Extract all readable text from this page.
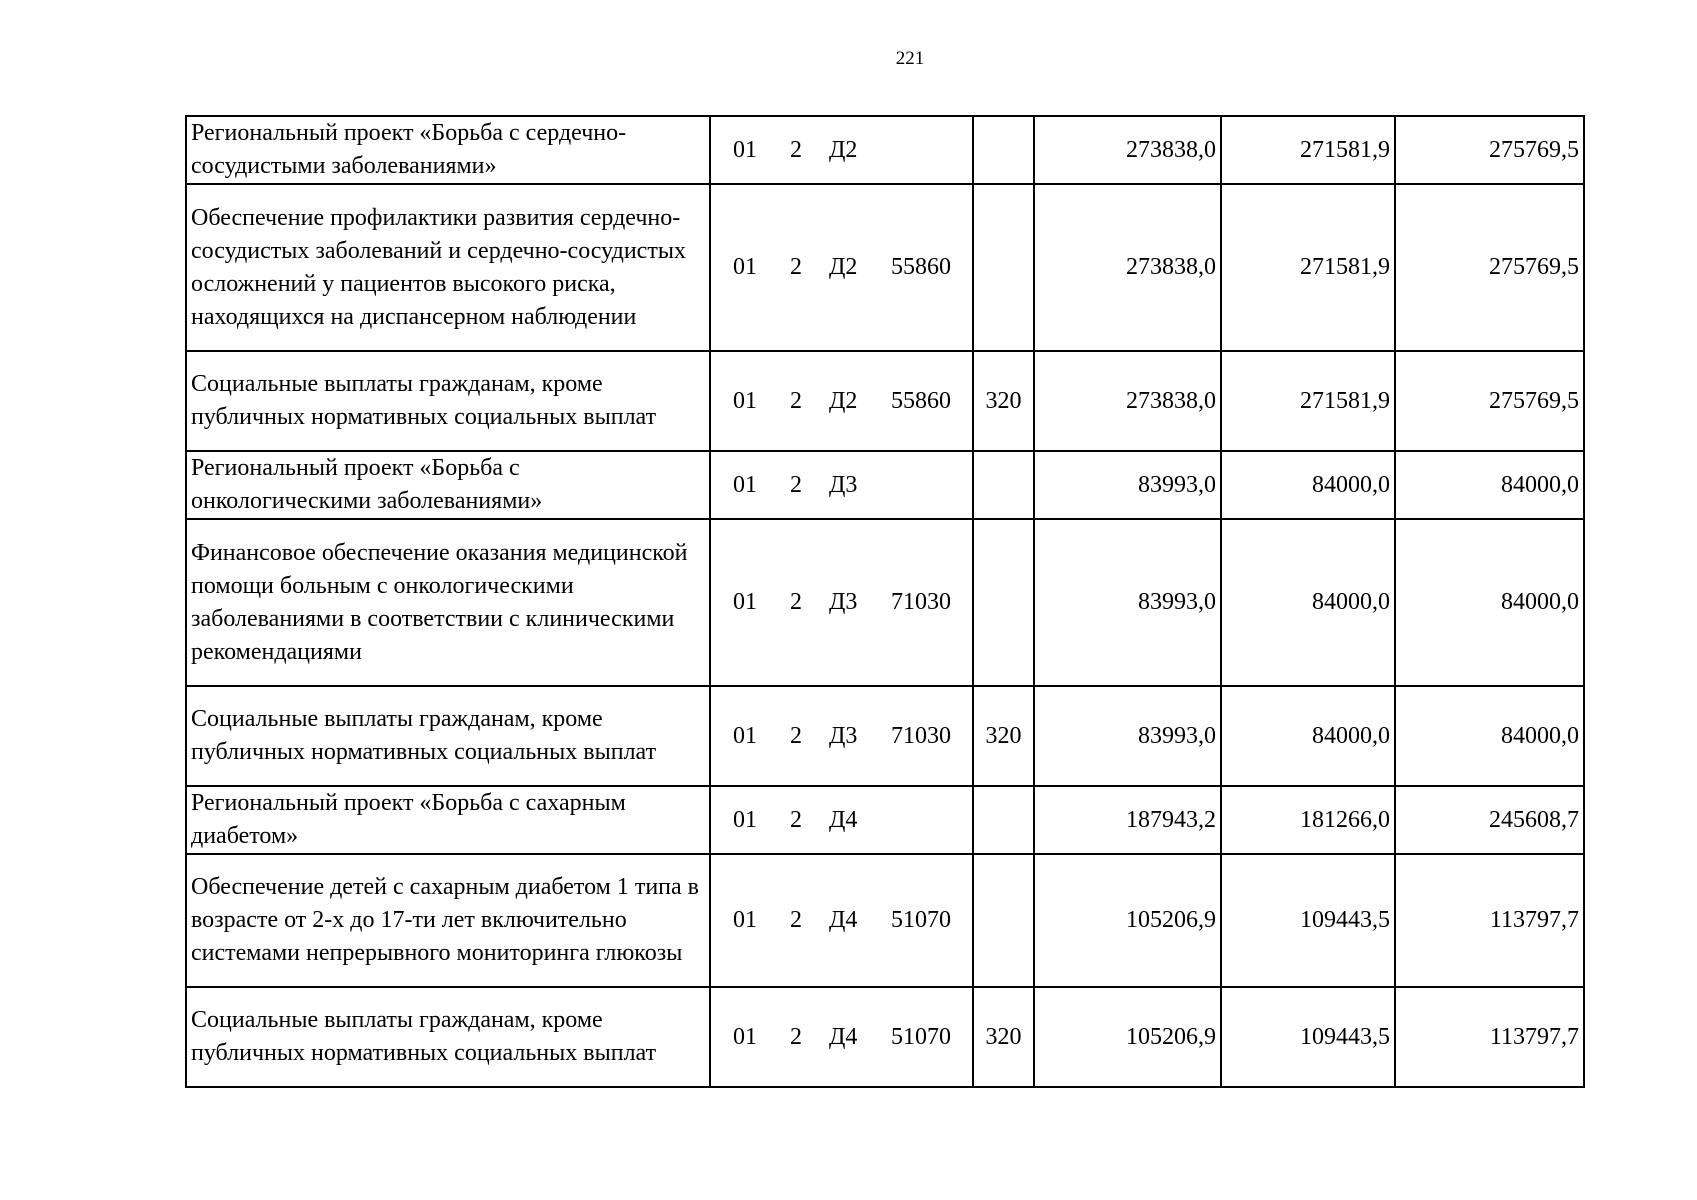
221
Региональный проект «Борьба с сердечно-сосудистыми заболеваниями»	01 2 Д2		273838,0	271581,9	275769,5
Обеспечение профилактики развития сердечно-сосудистых заболеваний и сердечно-сосудистых осложнений у пациентов высокого риска, находящихся на диспансерном наблюдении	01 2 Д2 55860		273838,0	271581,9	275769,5
Социальные выплаты гражданам, кроме публичных нормативных социальных выплат	01 2 Д2 55860	320	273838,0	271581,9	275769,5
Региональный проект «Борьба с онкологическими заболеваниями»	01 2 Д3		83993,0	84000,0	84000,0
Финансовое обеспечение оказания медицинской помощи больным с онкологическими заболеваниями в соответствии с клиническими рекомендациями	01 2 Д3 71030		83993,0	84000,0	84000,0
Социальные выплаты гражданам, кроме публичных нормативных социальных выплат	01 2 Д3 71030	320	83993,0	84000,0	84000,0
Региональный проект «Борьба с сахарным диабетом»	01 2 Д4		187943,2	181266,0	245608,7
Обеспечение детей с сахарным диабетом 1 типа в возрасте от 2-х до 17-ти лет включительно системами непрерывного мониторинга глюкозы	01 2 Д4 51070		105206,9	109443,5	113797,7
Социальные выплаты гражданам, кроме публичных нормативных социальных выплат	01 2 Д4 51070	320	105206,9	109443,5	113797,7
